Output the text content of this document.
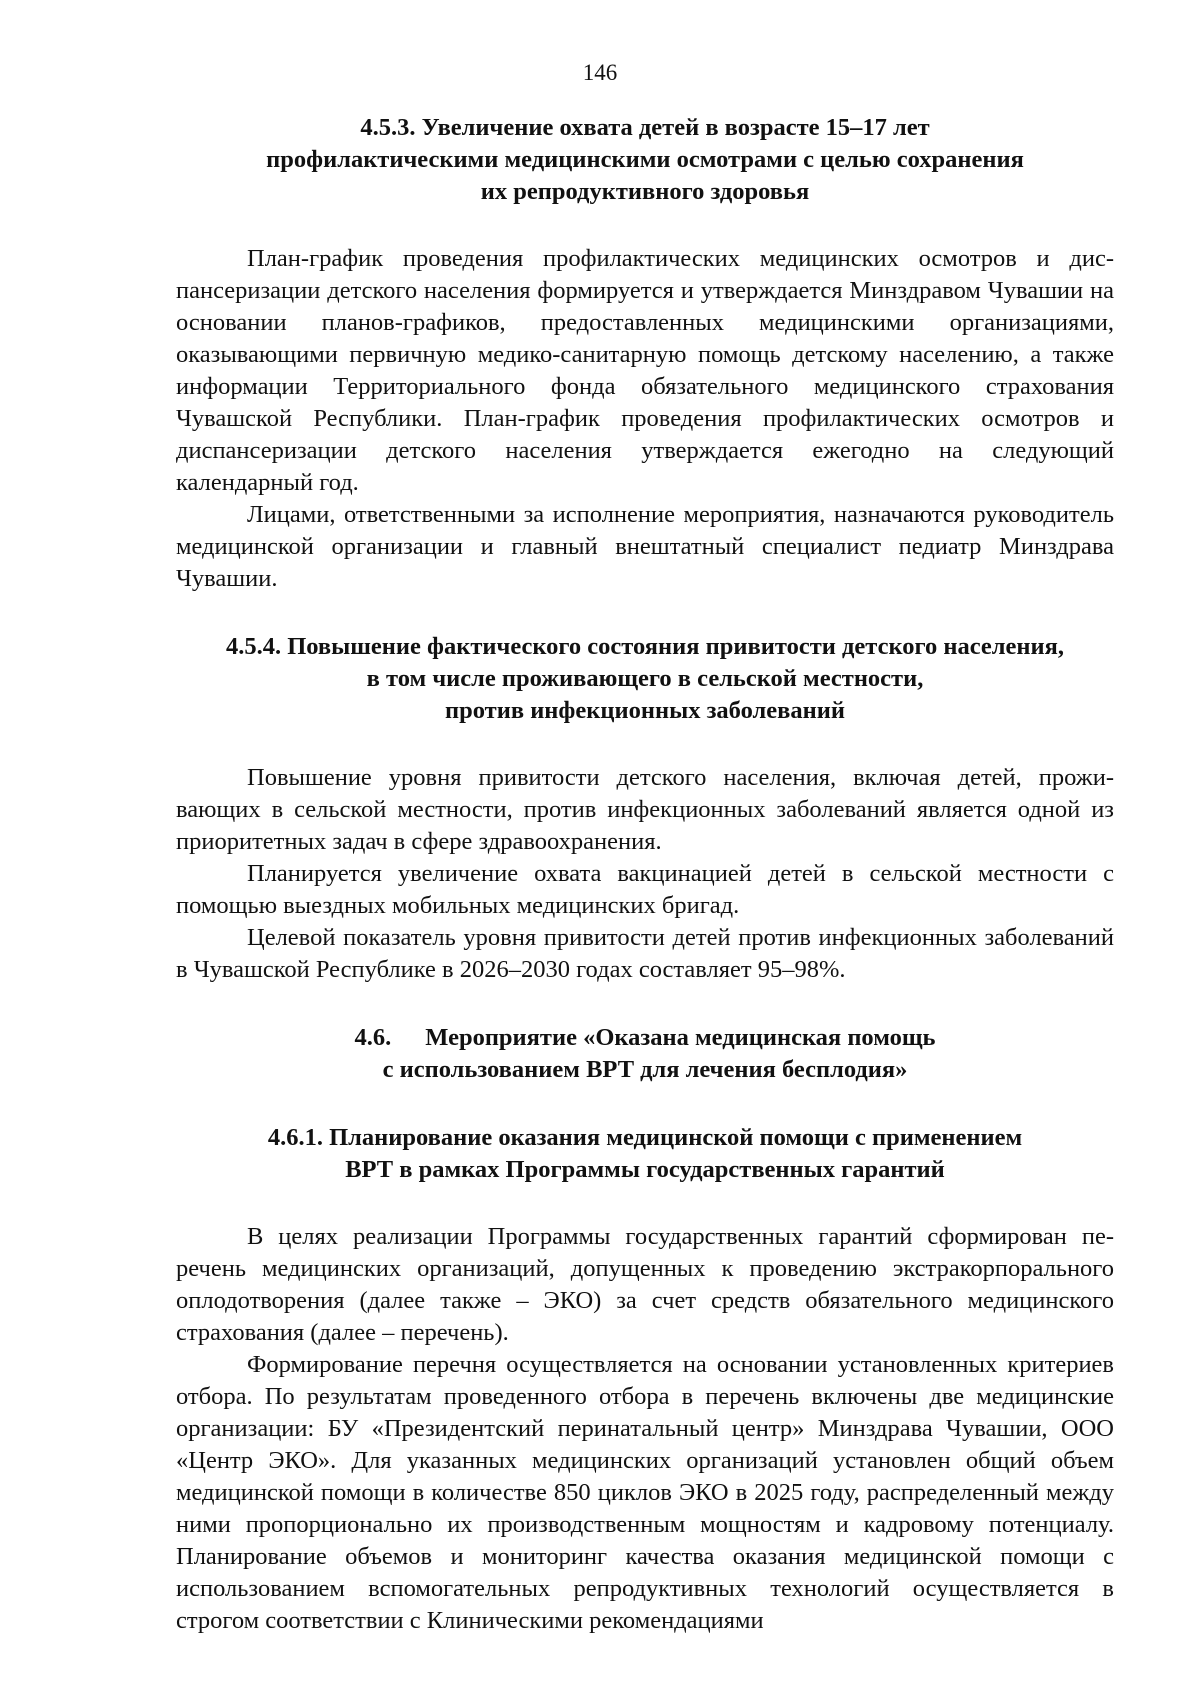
146
4.5.3. Увеличение охвата детей в возрасте 15–17 лет
профилактическими медицинскими осмотрами с целью сохранения
их репродуктивного здоровья

План-график проведения профилактических медицинских осмотров и диспансеризации детского населения формируется и утверждается Минздравом Чувашии на основании планов-графиков, предоставленных медицинскими организациями, оказывающими первичную медико-санитарную помощь детскому населению, а также информации Территориального фонда обязательного медицинского страхования Чувашской Республики. План-график проведения профилактических осмотров и диспансеризации детского населения утверждается ежегодно на следующий календарный год.

Лицами, ответственными за исполнение мероприятия, назначаются руководитель медицинской организации и главный внештатный специалист педиатр Минздрава Чувашии.

4.5.4. Повышение фактического состояния привитости детского населения,
в том числе проживающего в сельской местности,
против инфекционных заболеваний

Повышение уровня привитости детского населения, включая детей, проживающих в сельской местности, против инфекционных заболеваний является одной из приоритетных задач в сфере здравоохранения.

Планируется увеличение охвата вакцинацией детей в сельской местности с помощью выездных мобильных медицинских бригад.

Целевой показатель уровня привитости детей против инфекционных заболеваний в Чувашской Республике в 2026–2030 годах составляет 95–98%.

4.6. Мероприятие «Оказана медицинская помощь
с использованием ВРТ для лечения бесплодия»
4.6.1. Планирование оказания медицинской помощи с применением
ВРТ в рамках Программы государственных гарантий

В целях реализации Программы государственных гарантий сформирован перечень медицинских организаций, допущенных к проведению экстракорпорального оплодотворения (далее также – ЭКО) за счет средств обязательного медицинского страхования (далее – перечень).

Формирование перечня осуществляется на основании установленных критериев отбора. По результатам проведенного отбора в перечень включены две медицинские организации: БУ «Президентский перинатальный центр» Минздрава Чувашии, ООО «Центр ЭКО». Для указанных медицинских организаций установлен общий объем медицинской помощи в количестве 850 циклов ЭКО в 2025 году, распределенный между ними пропорционально их производственным мощностям и кадровому потенциалу. Планирование объемов и мониторинг качества оказания медицинской помощи с использованием вспомогательных репродуктивных технологий осуществляется в строгом соответствии с Клиническими рекомендациями
